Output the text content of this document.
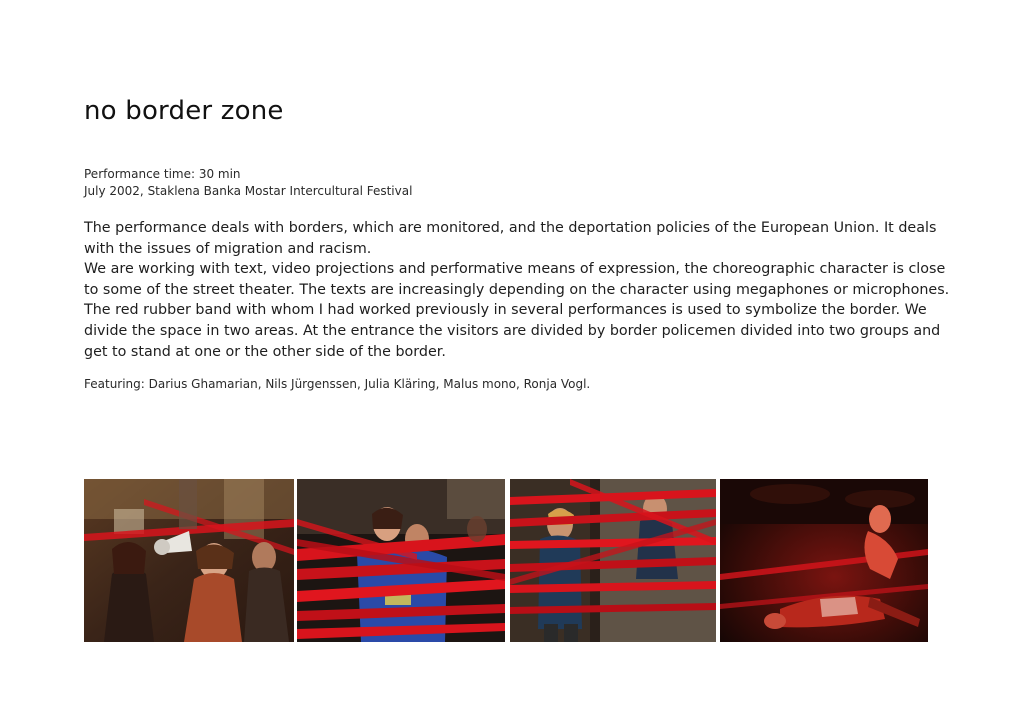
no border zone
Performance time: 30 min
July 2002, Staklena Banka Mostar Intercultural Festival

The performance deals with borders, which are monitored, and the deportation policies of the European Union. It deals with the issues of migration and racism.

We are working with text, video projections and performative means of expression, the choreographic character is close to some of the street theater. The texts are increasingly depending on the character using megaphones or microphones. The red rubber band with whom I had worked previously in several performances is used to symbolize the border. We divide the space in two areas. At the entrance the visitors are divided by border policemen divided into two groups and get to stand at one or the other side of the border.

Featuring: Darius Ghamarian, Nils Jürgenssen, Julia Kläring, Malus mono, Ronja Vogl.
